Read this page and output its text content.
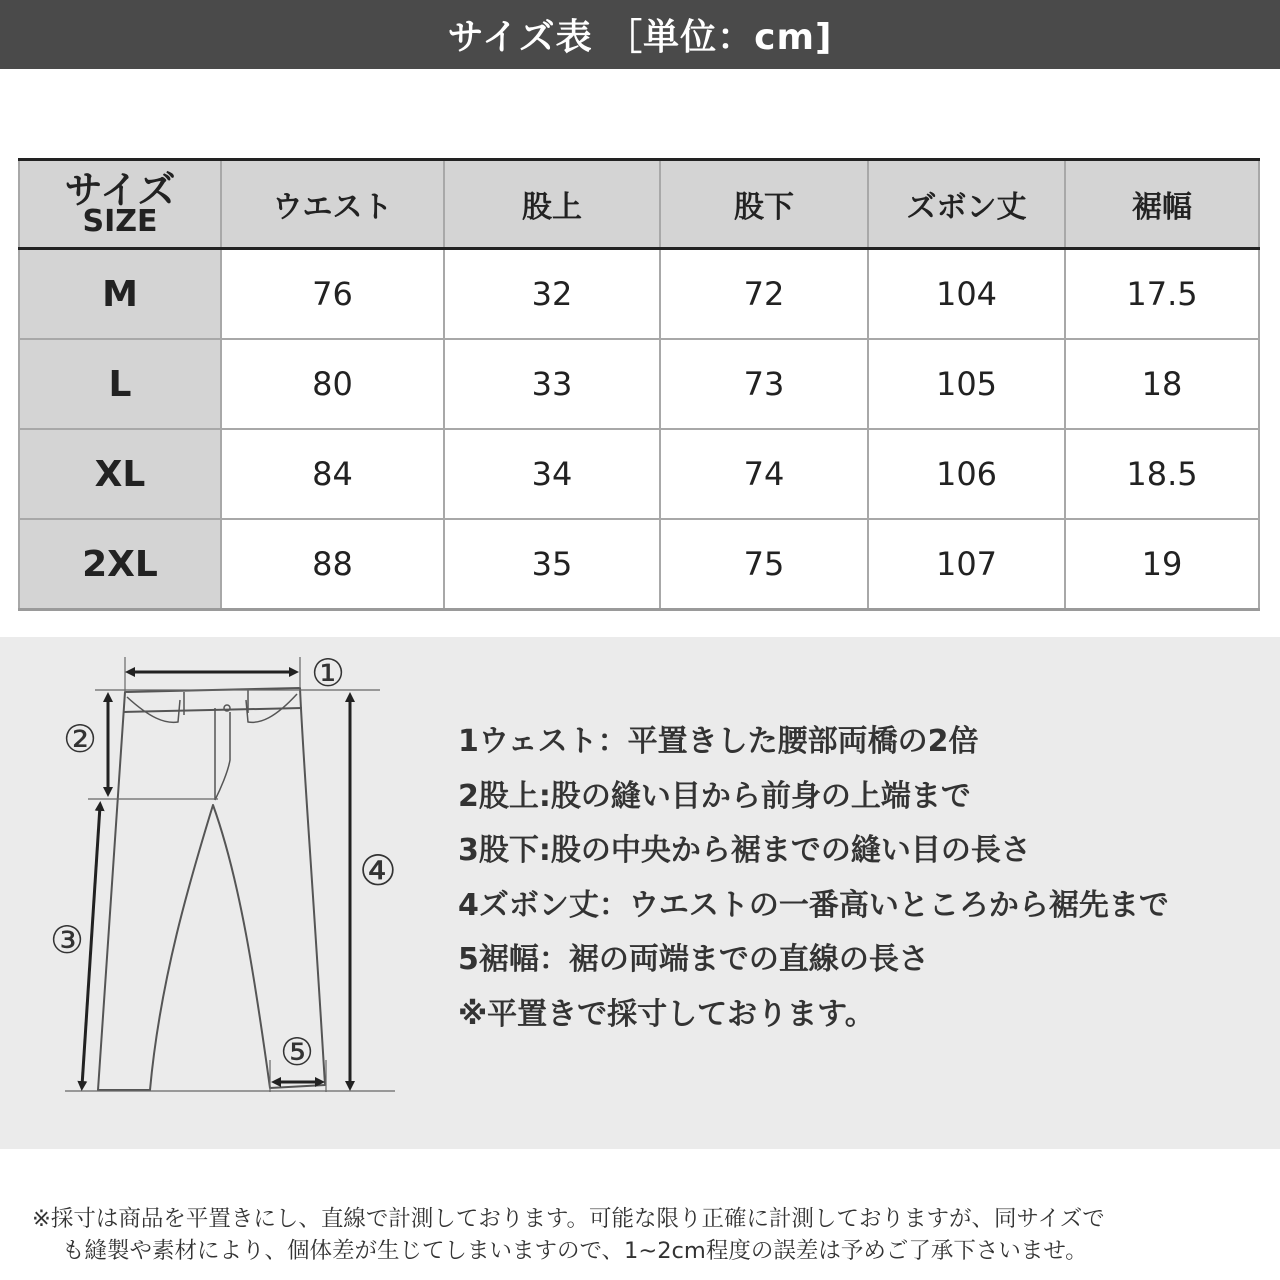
サイズ表 ［単位：cm]
サイズ
SIZE	ウエスト	股上	股下	ズボン丈	裾幅
M	76	32	72	104	17.5
L	80	33	73	105	18
XL	84	34	74	106	18.5
2XL	88	35	75	107	19
①
②
③
④
⑤
1ウェスト：平置きした腰部両橋の2倍
2股上:股の縫い目から前身の上端まで
3股下:股の中央から裾までの縫い目の長さ
4ズボン丈：ウエストの一番高いところから裾先まで
5裾幅：裾の両端までの直線の長さ
※平置きで採寸しております。

※採寸は商品を平置きにし、直線で計測しております。可能な限り正確に計測しておりますが、同サイズで

も縫製や素材により、個体差が生じてしまいますので、1~2cm程度の誤差は予めご了承下さいませ。
